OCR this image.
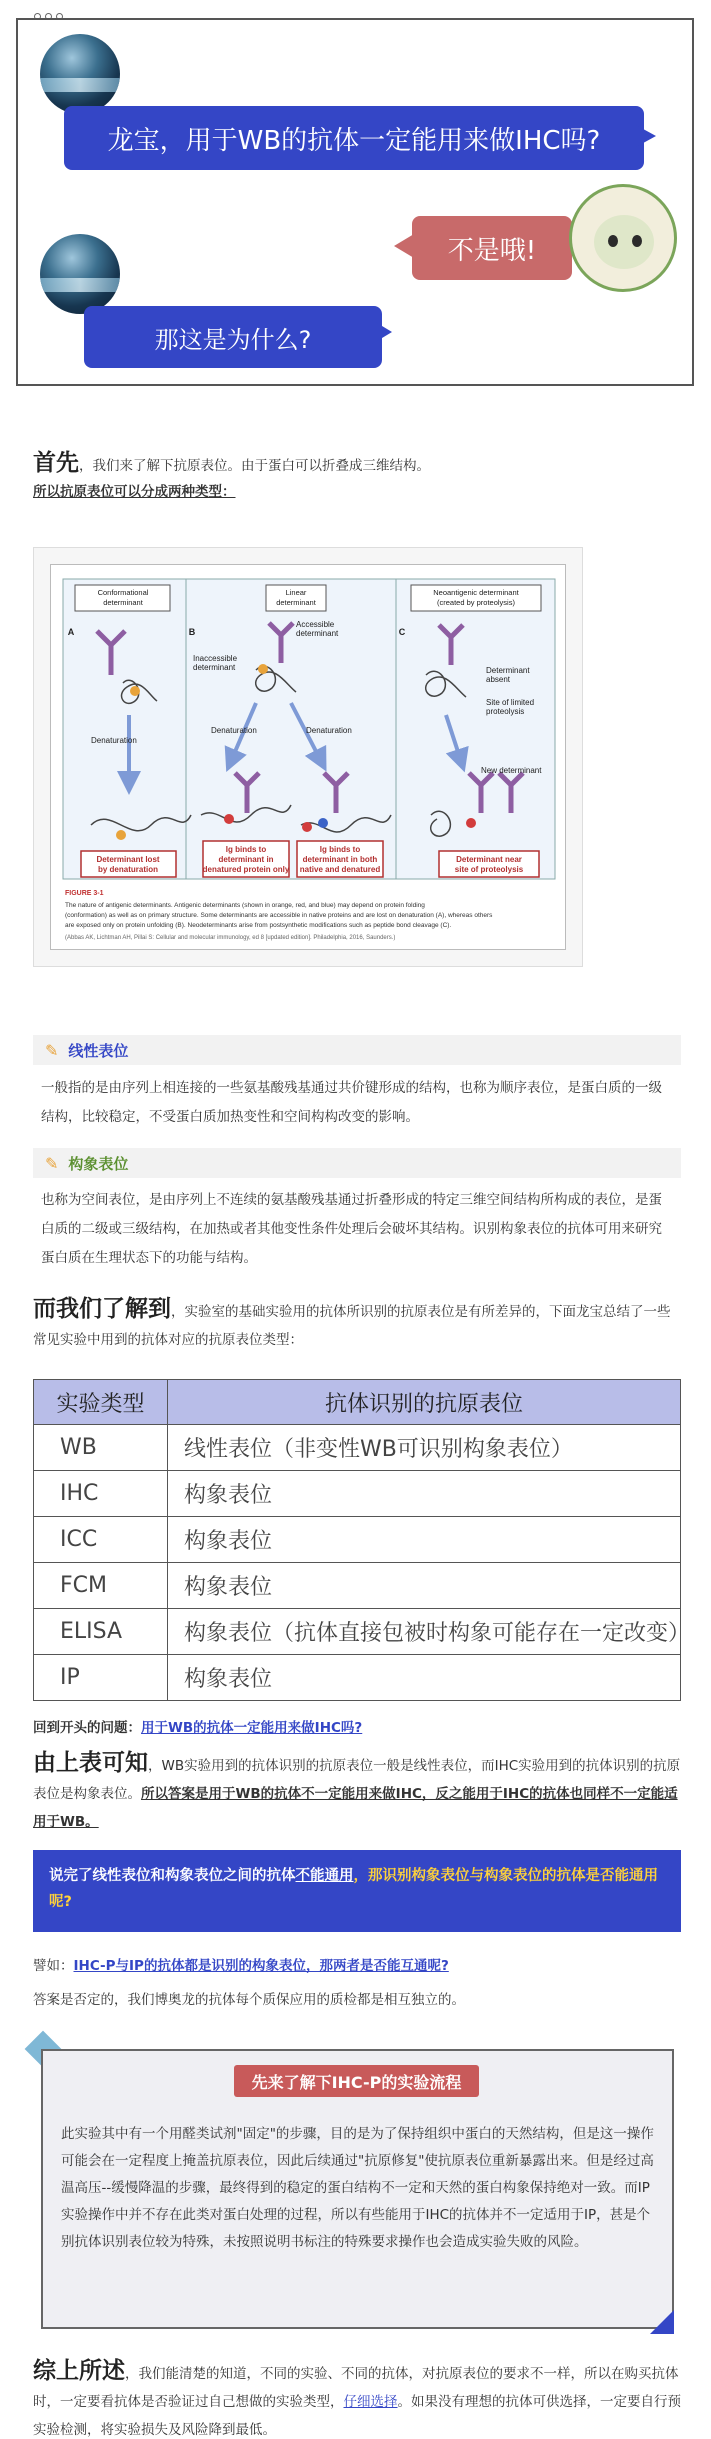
龙宝，用于WB的抗体一定能用来做IHC吗?
不是哦!
那这是为什么?
首先，我们来了解下抗原表位。由于蛋白可以折叠成三维结构。
所以抗原表位可以分成两种类型：
A	B	C
Accessible
determinant
Inaccessible
determinant
Denaturation	Denaturation
Denaturation
Determinant
absent
Site of limited
proteolysis
New determinant
Determinant lost
by denaturation
Ig binds to
determinant in
denatured protein only
Ig binds to
determinant in both
native and denatured
Determinant near
site of proteolysis
Conformational
determinant
Linear
determinant
Neoantigenic determinant
(created by proteolysis)
FIGURE 3-1
The nature of antigenic determinants. Antigenic determinants (shown in orange, red, and blue) may depend on protein folding
(conformation) as well as on primary structure. Some determinants are accessible in native proteins and are lost on denaturation (A), whereas others
are exposed only on protein unfolding (B). Neodeterminants arise from postsynthetic modifications such as peptide bond cleavage (C).
(Abbas AK, Lichtman AH, Pillai S: Cellular and molecular immunology, ed 8 [updated edition]. Philadelphia, 2016, Saunders.)
✎ 线性表位
一般指的是由序列上相连接的一些氨基酸残基通过共价键形成的结构，也称为顺序表位，是蛋白质的一级结构，比较稳定，不受蛋白质加热变性和空间构构改变的影响。
✎ 构象表位
也称为空间表位，是由序列上不连续的氨基酸残基通过折叠形成的特定三维空间结构所构成的表位，是蛋白质的二级或三级结构，在加热或者其他变性条件处理后会破坏其结构。识别构象表位的抗体可用来研究蛋白质在生理状态下的功能与结构。
而我们了解到，实验室的基础实验用的抗体所识别的抗原表位是有所差异的，下面龙宝总结了一些常见实验中用到的抗体对应的抗原表位类型：
实验类型	抗体识别的抗原表位
WB	线性表位（非变性WB可识别构象表位）
IHC	构象表位
ICC	构象表位
FCM	构象表位
ELISA	构象表位（抗体直接包被时构象可能存在一定改变）
IP	构象表位
回到开头的问题：用于WB的抗体一定能用来做IHC吗?
由上表可知，WB实验用到的抗体识别的抗原表位一般是线性表位，而IHC实验用到的抗体识别的抗原表位是构象表位。所以答案是用于WB的抗体不一定能用来做IHC，反之能用于IHC的抗体也同样不一定能适用于WB。
说完了线性表位和构象表位之间的抗体不能通用，那识别构象表位与构象表位的抗体是否能通用呢?
譬如：IHC-P与IP的抗体都是识别的构象表位，那两者是否能互通呢?
答案是否定的，我们博奥龙的抗体每个质保应用的质检都是相互独立的。
先来了解下IHC-P的实验流程
此实验其中有一个用醛类试剂"固定"的步骤，目的是为了保持组织中蛋白的天然结构，但是这一操作可能会在一定程度上掩盖抗原表位，因此后续通过"抗原修复"使抗原表位重新暴露出来。但是经过高温高压--缓慢降温的步骤，最终得到的稳定的蛋白结构不一定和天然的蛋白构象保持绝对一致。而IP实验操作中并不存在此类对蛋白处理的过程，所以有些能用于IHC的抗体并不一定适用于IP，甚是个别抗体识别表位较为特殊，未按照说明书标注的特殊要求操作也会造成实验失败的风险。
综上所述，我们能清楚的知道，不同的实验、不同的抗体，对抗原表位的要求不一样，所以在购买抗体时，一定要看抗体是否验证过自己想做的实验类型，仔细选择。如果没有理想的抗体可供选择，一定要自行预实验检测，将实验损失及风险降到最低。
